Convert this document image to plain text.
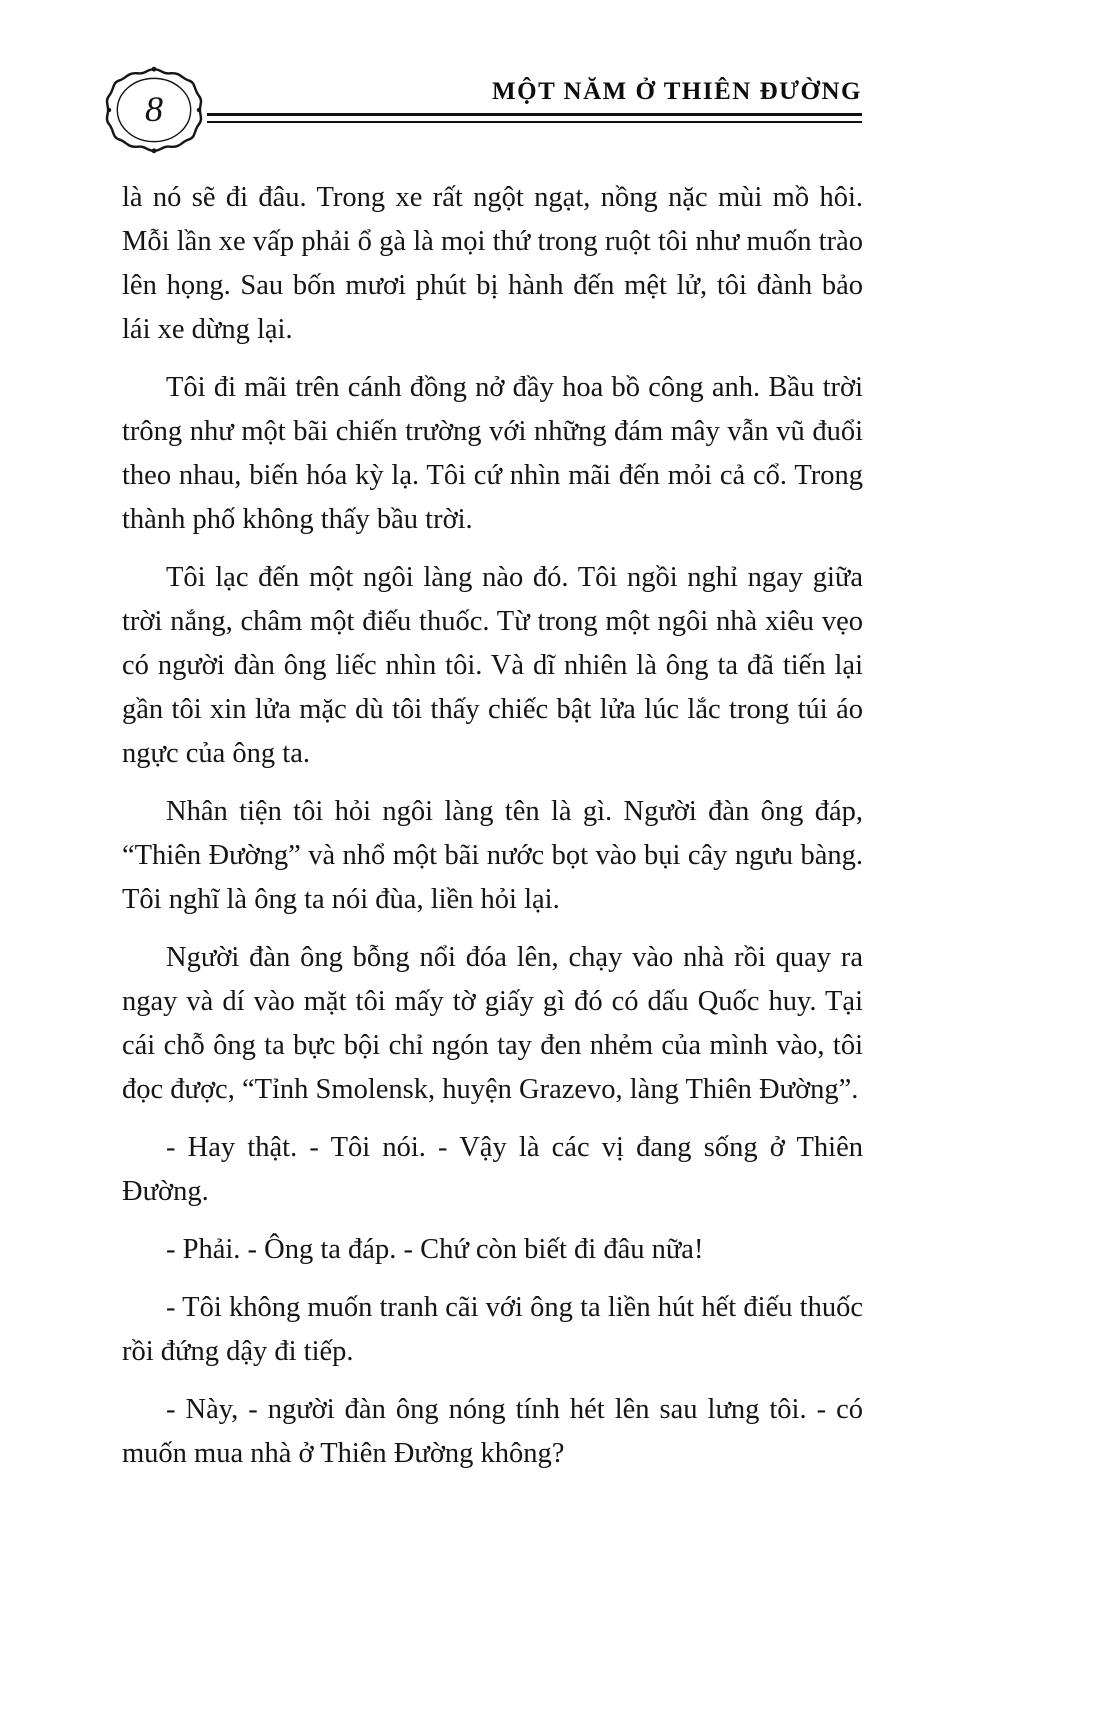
8	MỘT NĂM Ở THIÊN ĐƯỜNG

là nó sẽ đi đâu. Trong xe rất ngột ngạt, nồng nặc mùi mồ hôi. Mỗi lần xe vấp phải ổ gà là mọi thứ trong ruột tôi như muốn trào lên họng. Sau bốn mươi phút bị hành đến mệt lử, tôi đành bảo lái xe dừng lại.

Tôi đi mãi trên cánh đồng nở đầy hoa bồ công anh. Bầu trời trông như một bãi chiến trường với những đám mây vẫn vũ đuổi theo nhau, biến hóa kỳ lạ. Tôi cứ nhìn mãi đến mỏi cả cổ. Trong thành phố không thấy bầu trời.

Tôi lạc đến một ngôi làng nào đó. Tôi ngồi nghỉ ngay giữa trời nắng, châm một điếu thuốc. Từ trong một ngôi nhà xiêu vẹo có người đàn ông liếc nhìn tôi. Và dĩ nhiên là ông ta đã tiến lại gần tôi xin lửa mặc dù tôi thấy chiếc bật lửa lúc lắc trong túi áo ngực của ông ta.

Nhân tiện tôi hỏi ngôi làng tên là gì. Người đàn ông đáp, “Thiên Đường” và nhổ một bãi nước bọt vào bụi cây ngưu bàng. Tôi nghĩ là ông ta nói đùa, liền hỏi lại.

Người đàn ông bỗng nổi đóa lên, chạy vào nhà rồi quay ra ngay và dí vào mặt tôi mấy tờ giấy gì đó có dấu Quốc huy. Tại cái chỗ ông ta bực bội chỉ ngón tay đen nhẻm của mình vào, tôi đọc được, “Tỉnh Smolensk, huyện Grazevo, làng Thiên Đường”.

- Hay thật. - Tôi nói. - Vậy là các vị đang sống ở Thiên Đường.

- Phải. - Ông ta đáp. - Chứ còn biết đi đâu nữa!

- Tôi không muốn tranh cãi với ông ta liền hút hết điếu thuốc rồi đứng dậy đi tiếp.

- Này, - người đàn ông nóng tính hét lên sau lưng tôi. - có muốn mua nhà ở Thiên Đường không?
